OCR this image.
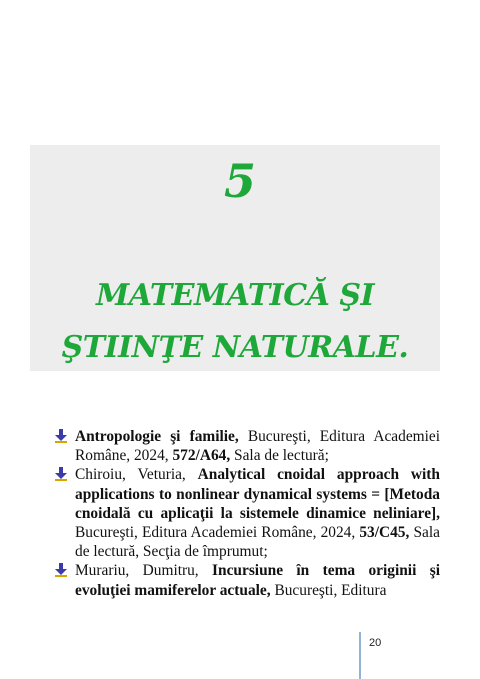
5
MATEMATICĂ ŞI
ŞTIINŢE NATURALE.
Antropologie şi familie, Bucureşti, Editura Academiei Române, 2024, 572/A64, Sala de lectură;
Chiroiu, Veturia, Analytical cnoidal approach with applications to nonlinear dynamical systems = [Metoda cnoidală cu aplicaţii la sistemele dinamice neliniare], Bucureşti, Editura Academiei Române, 2024, 53/C45, Sala de lectură, Secţia de împrumut;
Murariu, Dumitru, Incursiune în tema originii şi evoluţiei mamiferelor actuale, Bucureşti, Editura
20
